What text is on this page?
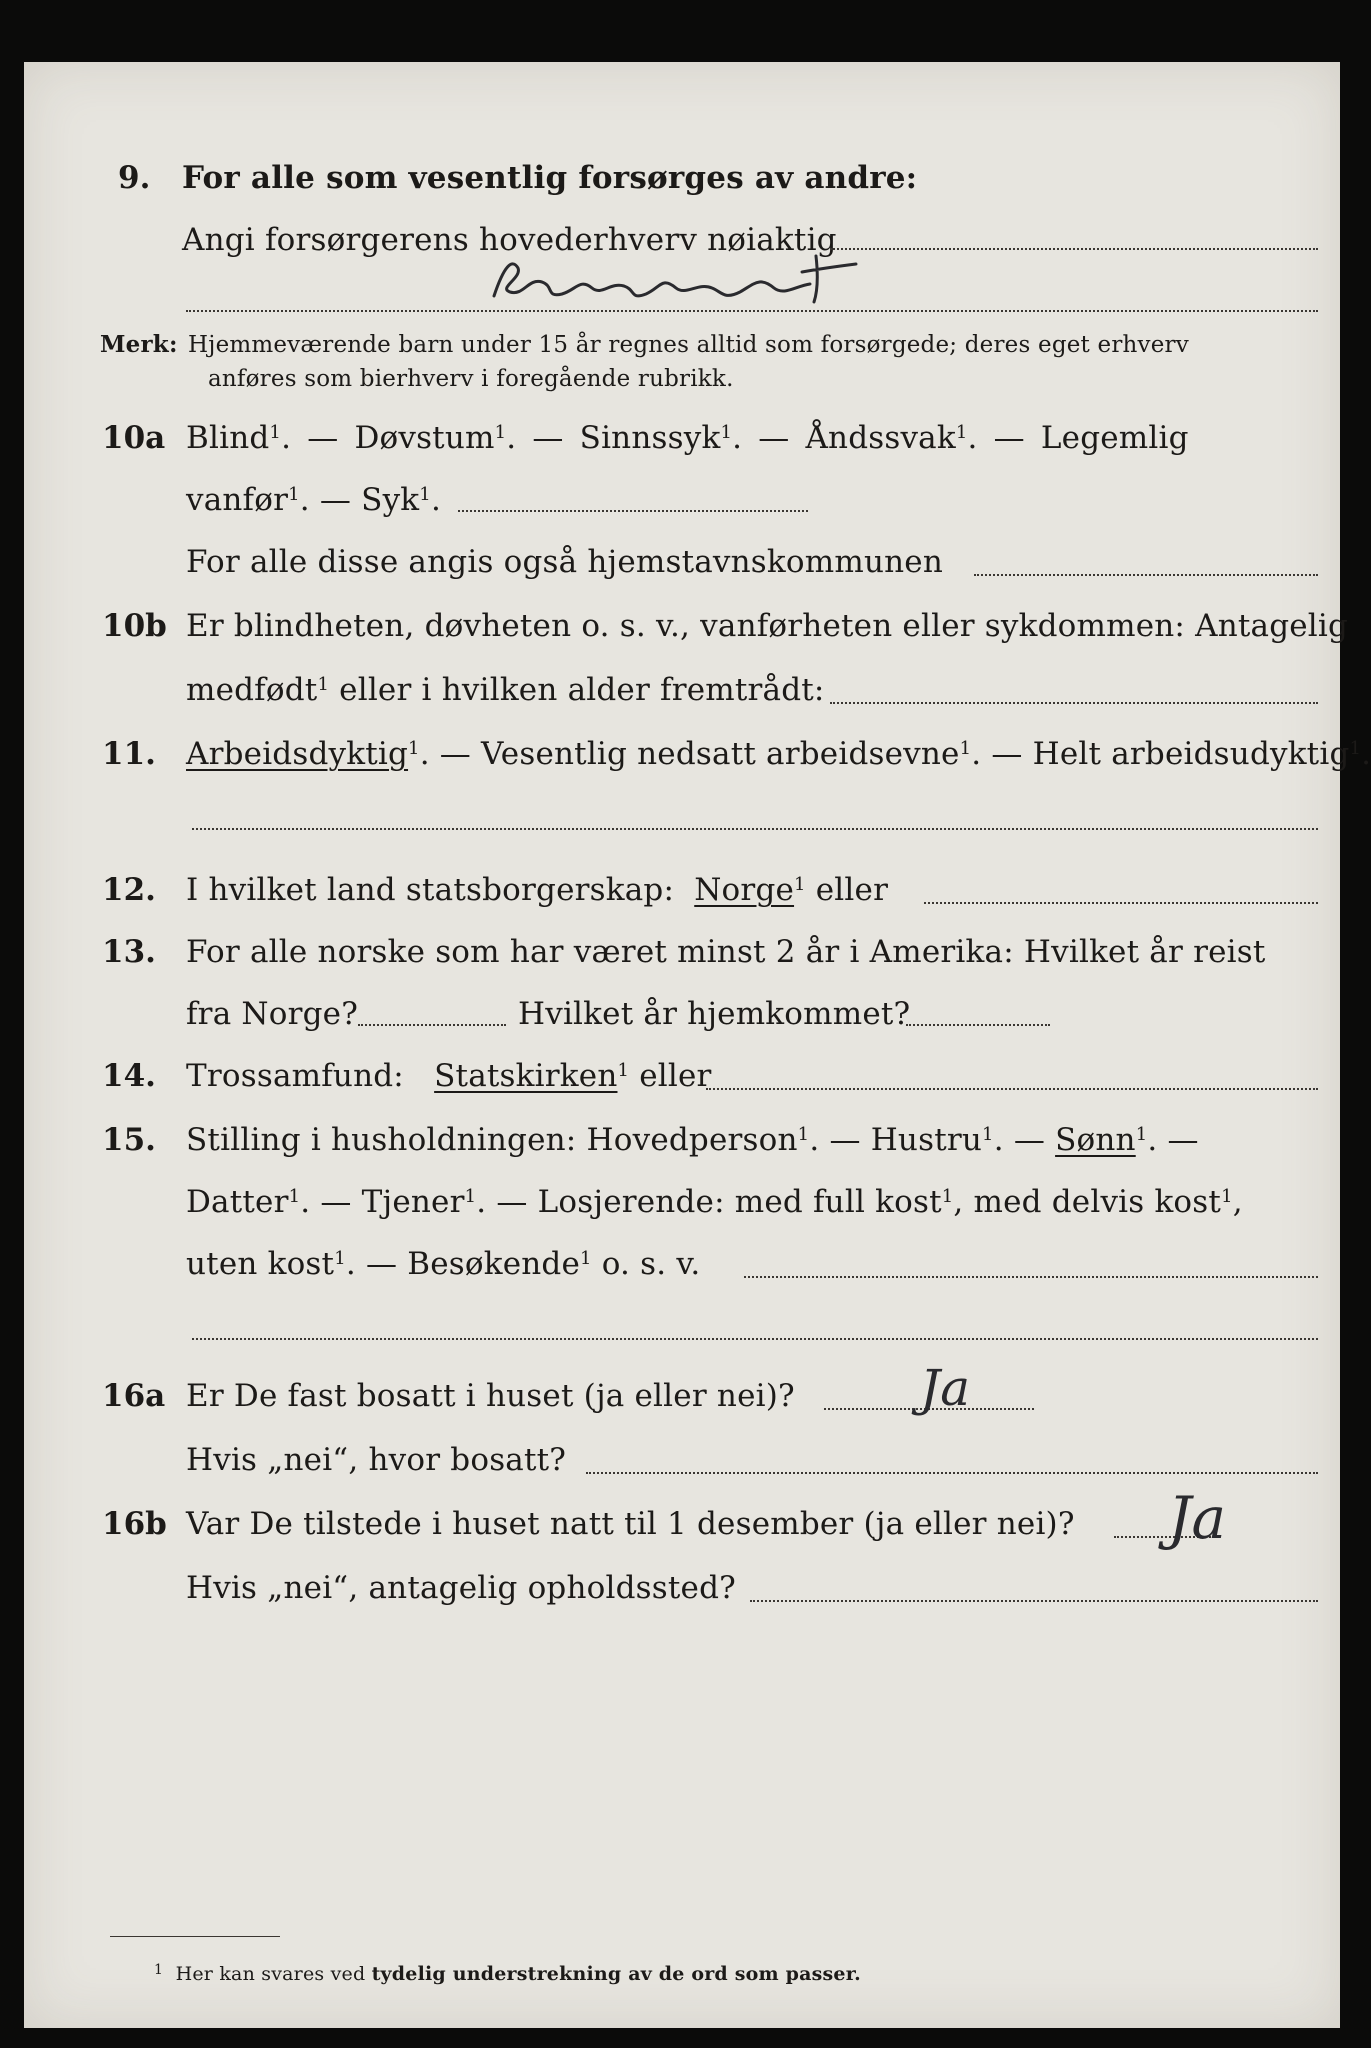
9. For alle som vesentlig forsørges av andre:
Angi forsørgerens hovederhverv nøiaktig
Merk: Hjemmeværende barn under 15 år regnes alltid som forsørgede; deres eget erhverv
anføres som bierhverv i foregående rubrikk.
10a Blind$^1$. — Døvstum$^1$. — Sinnssyk$^1$. — Åndssvak$^1$. — Legemlig
vanfør$^1$. — Syk$^1$.
For alle disse angis også hjemstavnskommunen
10b Er blindheten, døvheten o. s. v., vanførheten eller sykdommen: Antagelig
medfødt$^1$ eller i hvilken alder fremtrådt:
11. Arbeidsdyktig$^1$. — Vesentlig nedsatt arbeidsevne$^1$. — Helt arbeidsudyktig$^1$.
12. I hvilket land statsborgerskap: Norge$^1$ eller
13. For alle norske som har været minst 2 år i Amerika: Hvilket år reist
fra Norge?	Hvilket år hjemkommet?
14. Trossamfund: Statskirken$^1$ eller
15. Stilling i husholdningen: Hovedperson$^1$. — Hustru$^1$. — Sønn$^1$. —
Datter$^1$. — Tjener$^1$. — Losjerende: med full kost$^1$, med delvis kost$^1$,
uten kost$^1$. — Besøkende$^1$ o. s. v.
16a Er De fast bosatt i huset (ja eller nei)?	Ja
Hvis „nei“, hvor bosatt?
16b Var De tilstede i huset natt til 1 desember (ja eller nei)? Ja
Hvis „nei“, antagelig opholdssted?
$^1$ Her kan svares ved tydelig understrekning av de ord som passer.
